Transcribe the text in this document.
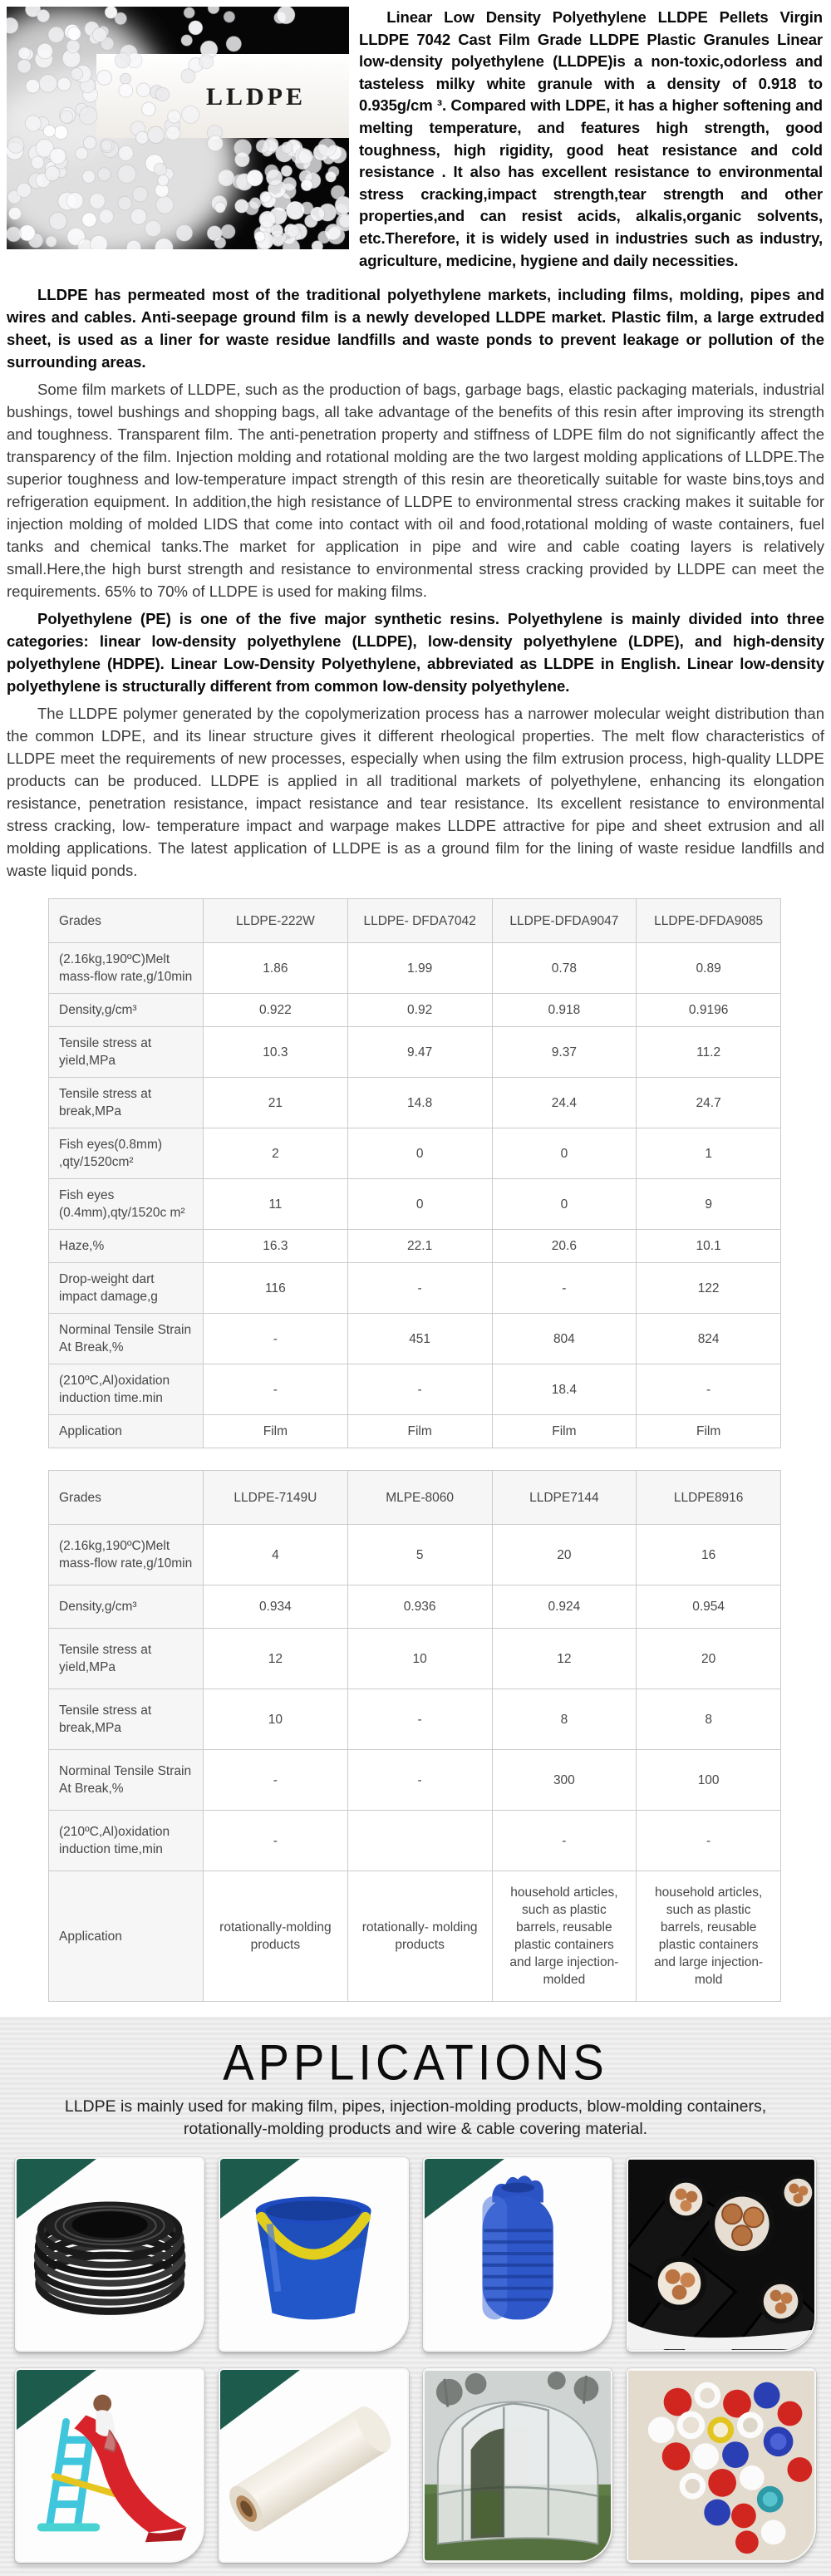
LLDPE
Linear Low Density Polyethylene LLDPE Pellets Virgin LLDPE 7042 Cast Film Grade LLDPE Plastic Granules Linear low-density polyethylene (LLDPE)is a non-toxic,odorless and tasteless milky white granule with a density of 0.918 to 0.935g/cm ³. Compared with LDPE, it has a higher softening and melting temperature, and features high strength, good toughness, high rigidity, good heat resistance and cold resistance . It also has excellent resistance to environmental stress cracking,impact strength,tear strength and other properties,and can resist acids, alkalis,organic solvents, etc.Therefore, it is widely used in industries such as industry, agriculture, medicine, hygiene and daily necessities.

LLDPE has permeated most of the traditional polyethylene markets, including films, molding, pipes and wires and cables. Anti-seepage ground film is a newly developed LLDPE market. Plastic film, a large extruded sheet, is used as a liner for waste residue landfills and waste ponds to prevent leakage or pollution of the surrounding areas.

Some film markets of LLDPE, such as the production of bags, garbage bags, elastic packaging materials, industrial bushings, towel bushings and shopping bags, all take advantage of the benefits of this resin after improving its strength and toughness. Transparent film. The anti-penetration property and stiffness of LDPE film do not significantly affect the transparency of the film. Injection molding and rotational molding are the two largest molding applications of LLDPE.The superior toughness and low-temperature impact strength of this resin are theoretically suitable for waste bins,toys and refrigeration equipment. In addition,the high resistance of LLDPE to environmental stress cracking makes it suitable for injection molding of molded LIDS that come into contact with oil and food,rotational molding of waste containers, fuel tanks and chemical tanks.The market for application in pipe and wire and cable coating layers is relatively small.Here,the high burst strength and resistance to environmental stress cracking provided by LLDPE can meet the requirements. 65% to 70% of LLDPE is used for making films.

Polyethylene (PE) is one of the five major synthetic resins. Polyethylene is mainly divided into three categories: linear low-density polyethylene (LLDPE), low-density polyethylene (LDPE), and high-density polyethylene (HDPE). Linear Low-Density Polyethylene, abbreviated as LLDPE in English. Linear low-density polyethylene is structurally different from common low-density polyethylene.

The LLDPE polymer generated by the copolymerization process has a narrower molecular weight distribution than the common LDPE, and its linear structure gives it different rheological properties. The melt flow characteristics of LLDPE meet the requirements of new processes, especially when using the film extrusion process, high-quality LLDPE products can be produced. LLDPE is applied in all traditional markets of polyethylene, enhancing its elongation resistance, penetration resistance, impact resistance and tear resistance. Its excellent resistance to environmental stress cracking, low- temperature impact and warpage makes LLDPE attractive for pipe and sheet extrusion and all molding applications. The latest application of LLDPE is as a ground film for the lining of waste residue landfills and waste liquid ponds.

Grades	LLDPE-222W	LLDPE- DFDA7042	LLDPE-DFDA9047	LLDPE-DFDA9085
(2.16kg,190ºC)Melt mass-flow rate,g/10min	1.86	1.99	0.78	0.89
Density,g/cm³	0.922	0.92	0.918	0.9196
Tensile stress at yield,MPa	10.3	9.47	9.37	11.2
Tensile stress at break,MPa	21	14.8	24.4	24.7
Fish eyes(0.8mm) ,qty/1520cm²	2	0	0	1
Fish eyes (0.4mm),qty/1520c m²	11	0	0	9
Haze,%	16.3	22.1	20.6	10.1
Drop-weight dart impact damage,g	116	-	-	122
Norminal Tensile Strain At Break,%	-	451	804	824
(210ºC,Al)oxidation induction time.min	-	-	18.4	-
Application	Film	Film	Film	Film
Grades	LLDPE-7149U	MLPE-8060	LLDPE7144	LLDPE8916
(2.16kg,190ºC)Melt mass-flow rate,g/10min	4	5	20	16
Density,g/cm³	0.934	0.936	0.924	0.954
Tensile stress at yield,MPa	12	10	12	20
Tensile stress at break,MPa	10	-	8	8
Norminal Tensile Strain At Break,%	-	-	300	100
(210ºC,Al)oxidation induction time,min	-		-	-
Application	rotationally-molding products	rotationally- molding products	household articles, such as plastic barrels, reusable plastic containers and large injection- molded	household articles, such as plastic barrels, reusable plastic containers and large injection-mold
APPLICATIONS
LLDPE is mainly used for making film, pipes, injection-molding products, blow-molding containers, rotationally-molding products and wire & cable covering material.
